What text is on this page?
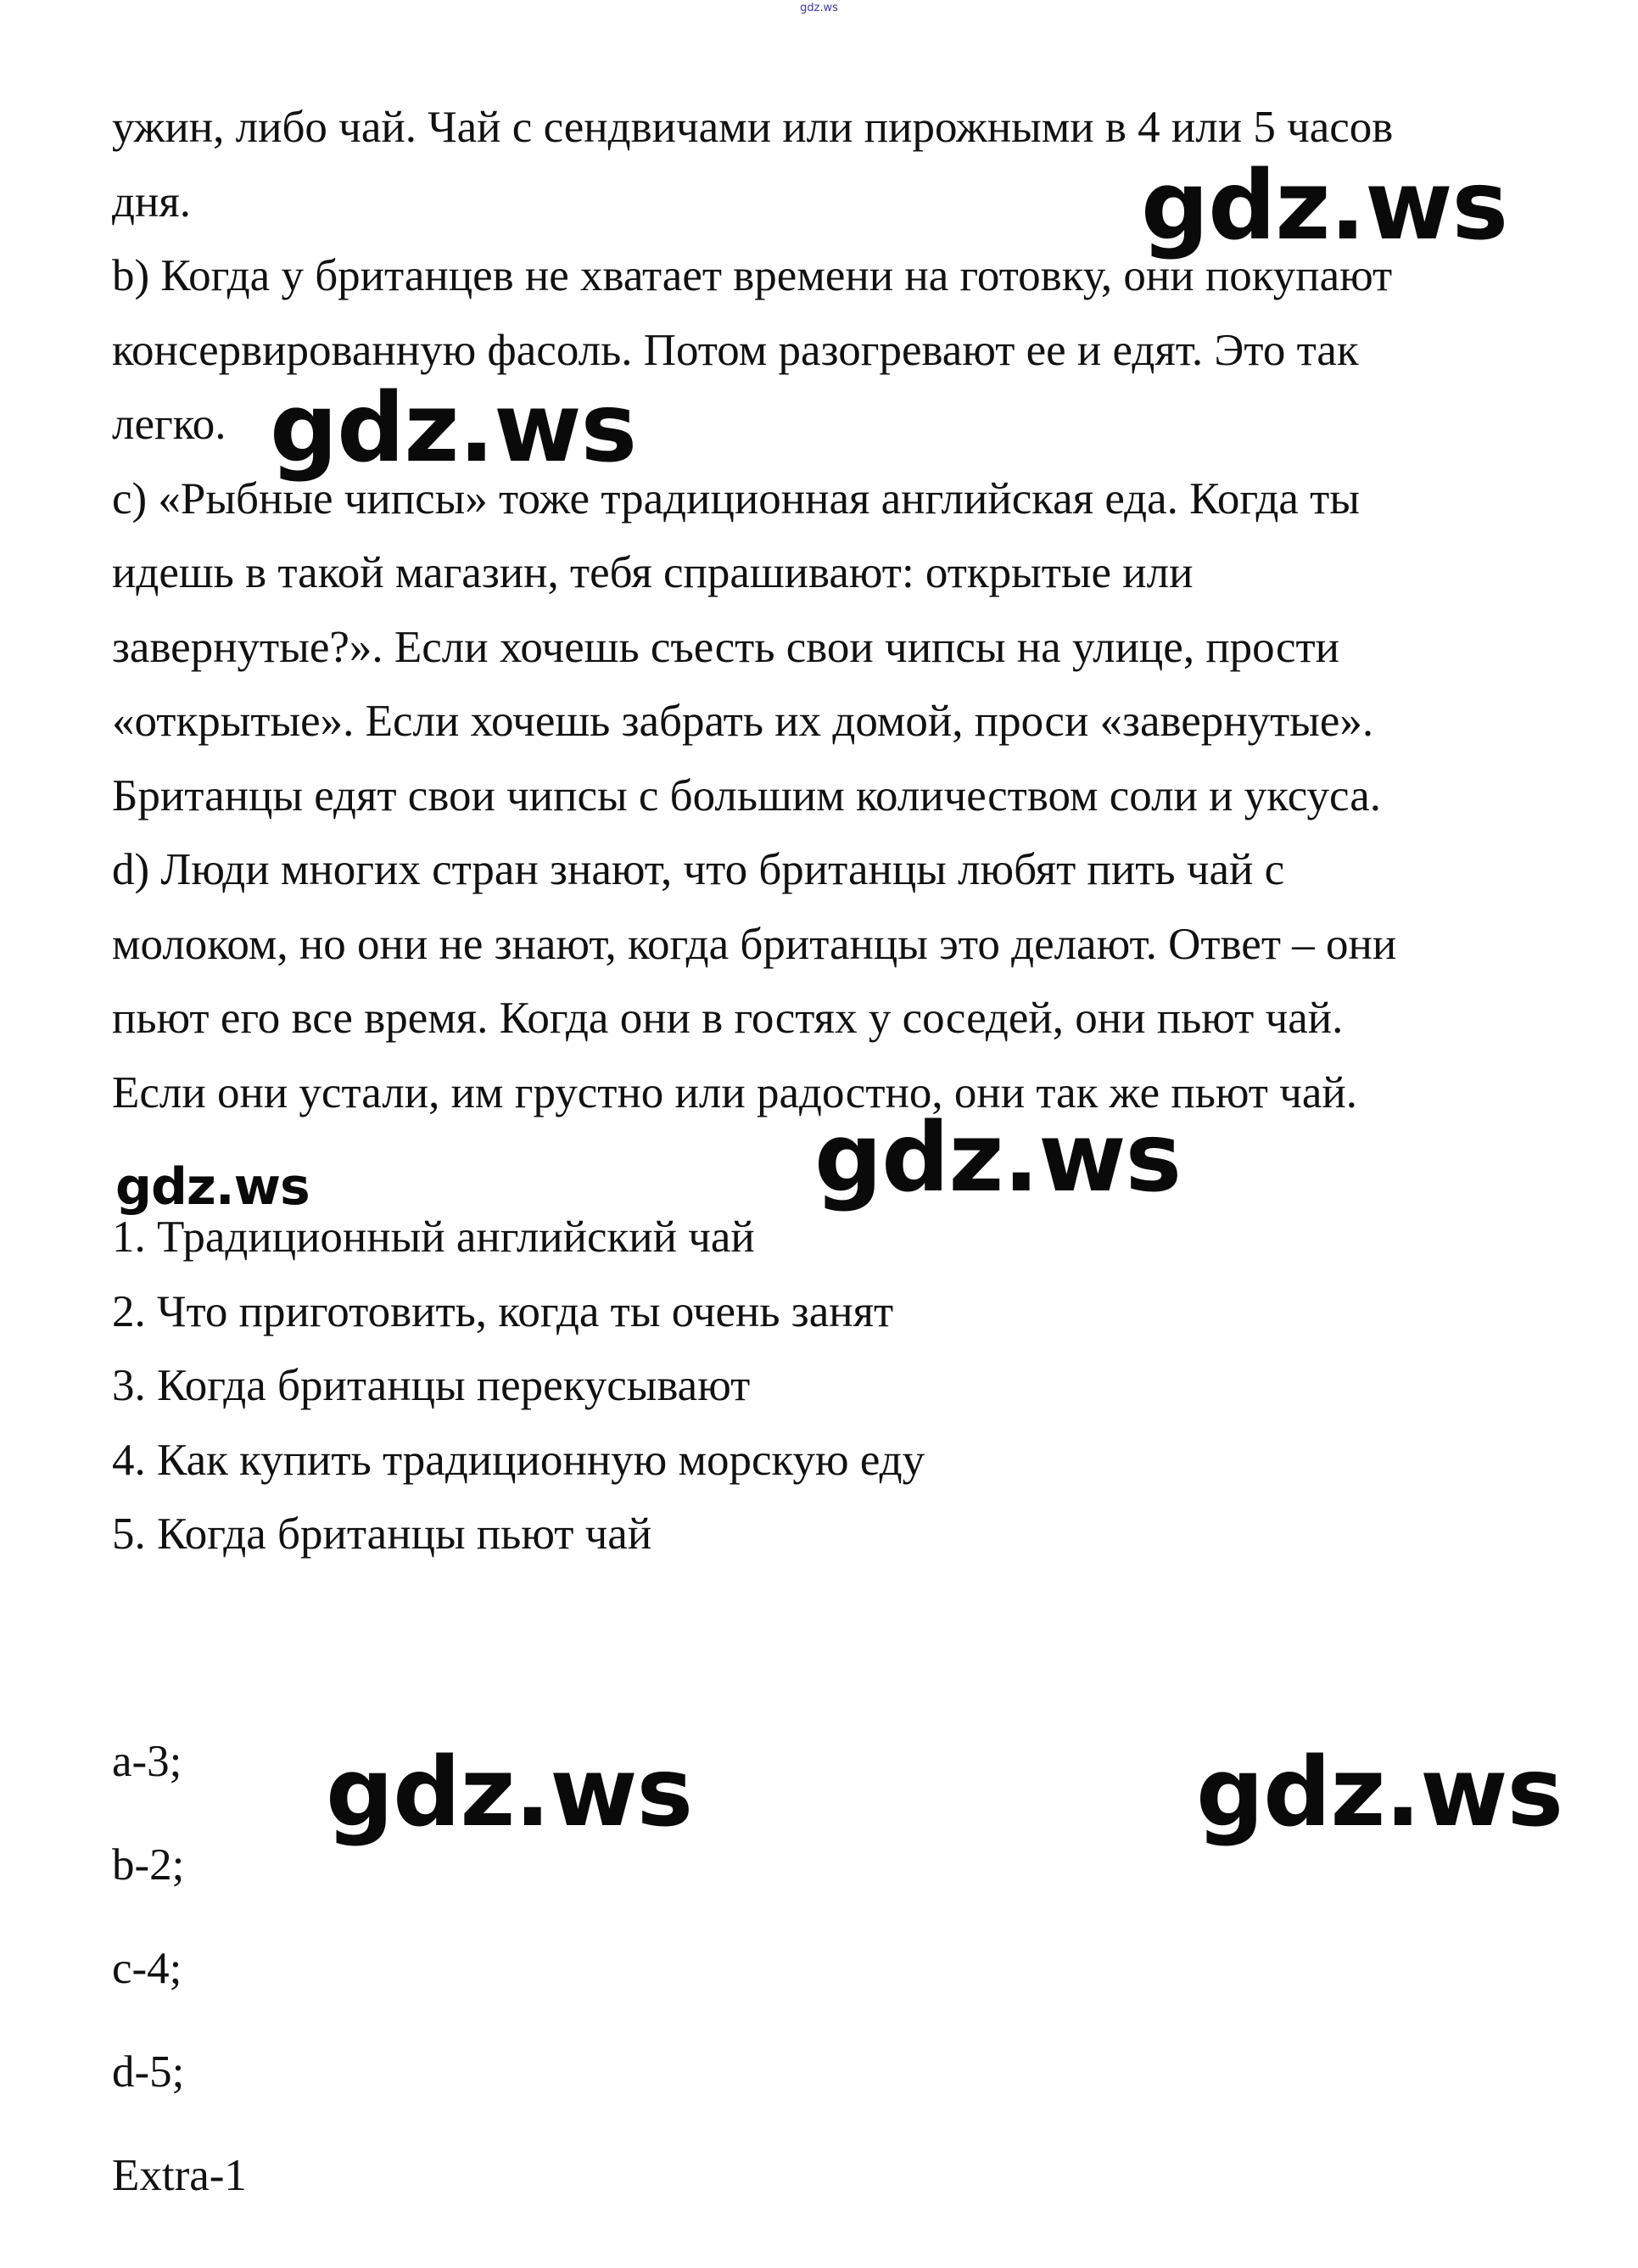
gdz.ws
ужин, либо чай. Чай с сендвичами или пирожными в 4 или 5 часов
дня.
b) Когда у британцев не хватает времени на готовку, они покупают
консервированную фасоль. Потом разогревают ее и едят. Это так
легко.
c) «Рыбные чипсы» тоже традиционная английская еда. Когда ты
идешь в такой магазин, тебя спрашивают: открытые или
завернутые?». Если хочешь съесть свои чипсы на улице, прости
«открытые». Если хочешь забрать их домой, проси «завернутые».
Британцы едят свои чипсы с большим количеством соли и уксуса.
d) Люди многих стран знают, что британцы любят пить чай с
молоком, но они не знают, когда британцы это делают. Ответ – они
пьют его все время. Когда они в гостях у соседей, они пьют чай.
Если они устали, им грустно или радостно, они так же пьют чай.
1. Традиционный английский чай
2. Что приготовить, когда ты очень занят
3. Когда британцы перекусывают
4. Как купить традиционную морскую еду
5. Когда британцы пьют чай
a-3;
b-2;
c-4;
d-5;
Extra-1
gdz.ws
gdz.ws
gdz.ws
gdz.ws
gdz.ws	gdz.ws
